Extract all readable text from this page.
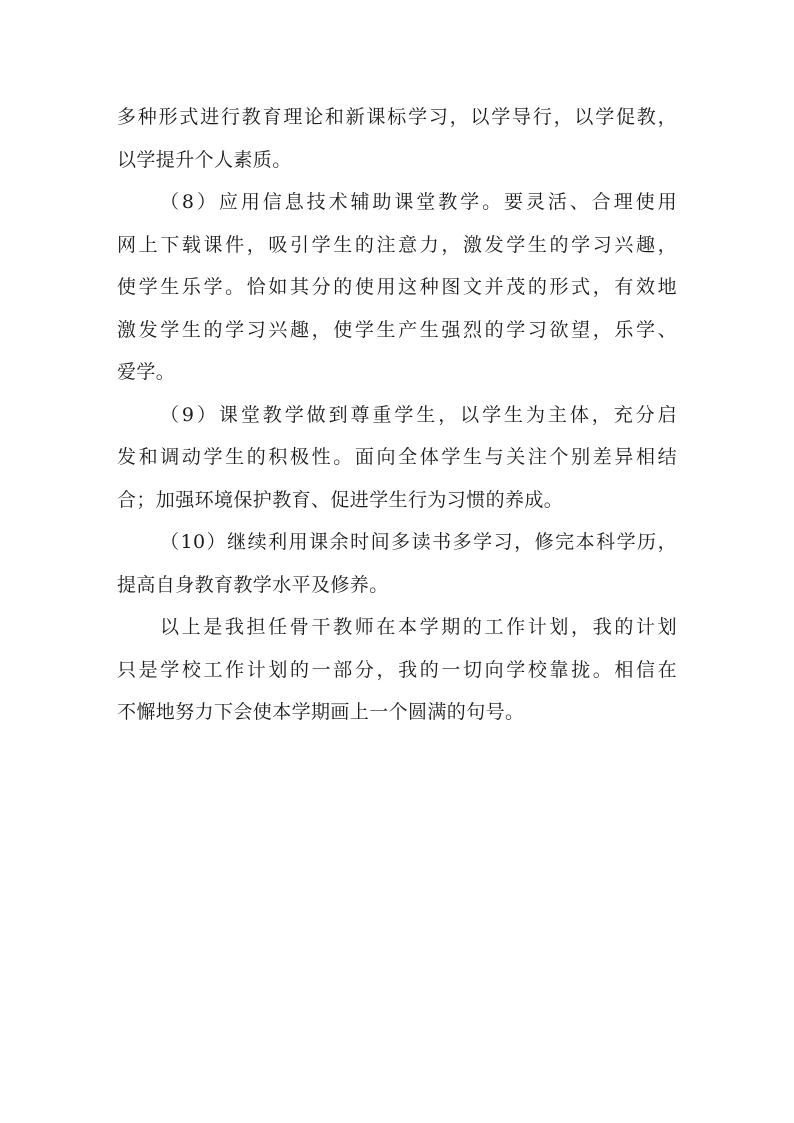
多种形式进行教育理论和新课标学习，以学导行，以学促教，
以学提升个人素质。
（8）应用信息技术辅助课堂教学。要灵活、合理使用
网上下载课件，吸引学生的注意力，激发学生的学习兴趣，
使学生乐学。恰如其分的使用这种图文并茂的形式，有效地
激发学生的学习兴趣，使学生产生强烈的学习欲望，乐学、
爱学。
（9）课堂教学做到尊重学生，以学生为主体，充分启
发和调动学生的积极性。面向全体学生与关注个别差异相结
合；加强环境保护教育、促进学生行为习惯的养成。
（10）继续利用课余时间多读书多学习，修完本科学历，
提高自身教育教学水平及修养。
以上是我担任骨干教师在本学期的工作计划，我的计划
只是学校工作计划的一部分，我的一切向学校靠拢。相信在
不懈地努力下会使本学期画上一个圆满的句号。
